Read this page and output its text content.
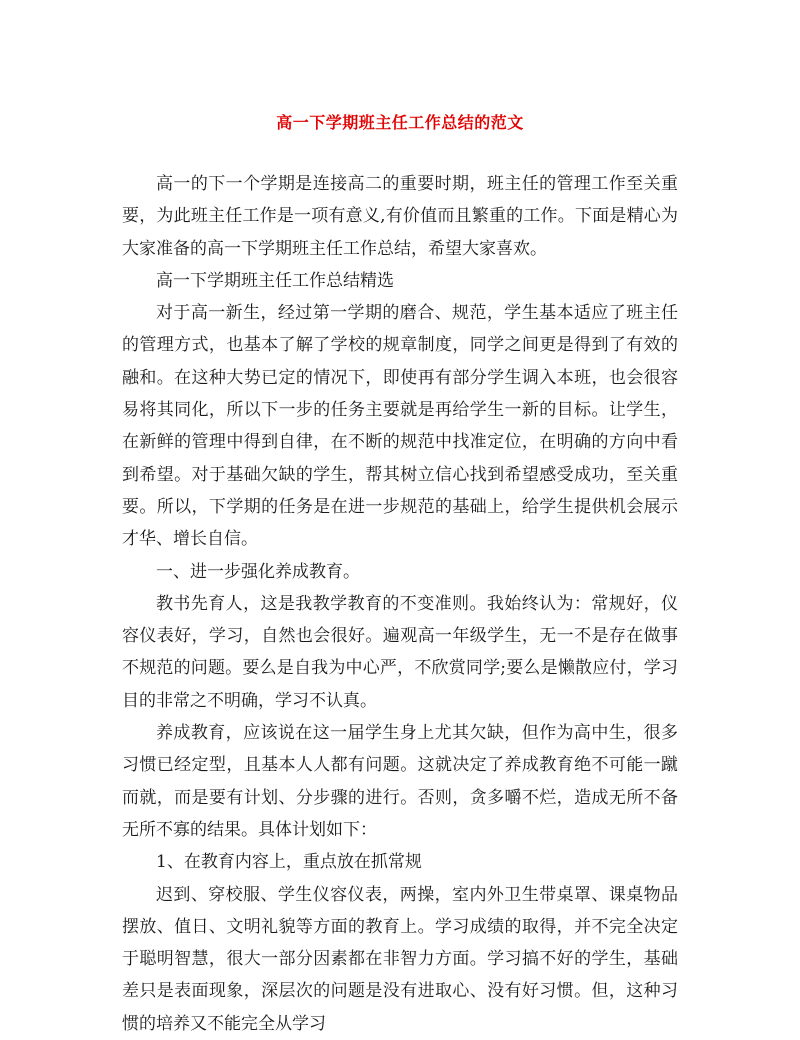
高一下学期班主任工作总结的范文

高一的下一个学期是连接高二的重要时期，班主任的管理工作至关重要，为此班主任工作是一项有意义,有价值而且繁重的工作。下面是精心为大家准备的高一下学期班主任工作总结，希望大家喜欢。

高一下学期班主任工作总结精选

对于高一新生，经过第一学期的磨合、规范，学生基本适应了班主任的管理方式，也基本了解了学校的规章制度，同学之间更是得到了有效的融和。在这种大势已定的情况下，即使再有部分学生调入本班，也会很容易将其同化，所以下一步的任务主要就是再给学生一新的目标。让学生，在新鲜的管理中得到自律，在不断的规范中找准定位，在明确的方向中看到希望。对于基础欠缺的学生，帮其树立信心找到希望感受成功，至关重要。所以，下学期的任务是在进一步规范的基础上，给学生提供机会展示才华、增长自信。

一、进一步强化养成教育。

教书先育人，这是我教学教育的不变准则。我始终认为：常规好，仪容仪表好，学习，自然也会很好。遍观高一年级学生，无一不是存在做事不规范的问题。要么是自我为中心严，不欣赏同学;要么是懒散应付，学习目的非常之不明确，学习不认真。

养成教育，应该说在这一届学生身上尤其欠缺，但作为高中生，很多习惯已经定型，且基本人人都有问题。这就决定了养成教育绝不可能一蹴而就，而是要有计划、分步骤的进行。否则，贪多嚼不烂，造成无所不备无所不寡的结果。具体计划如下：

1、在教育内容上，重点放在抓常规

迟到、穿校服、学生仪容仪表，两操，室内外卫生带桌罩、课桌物品摆放、值日、文明礼貌等方面的教育上。学习成绩的取得，并不完全决定于聪明智慧，很大一部分因素都在非智力方面。学习搞不好的学生，基础差只是表面现象，深层次的问题是没有进取心、没有好习惯。但，这种习惯的培养又不能完全从学习
